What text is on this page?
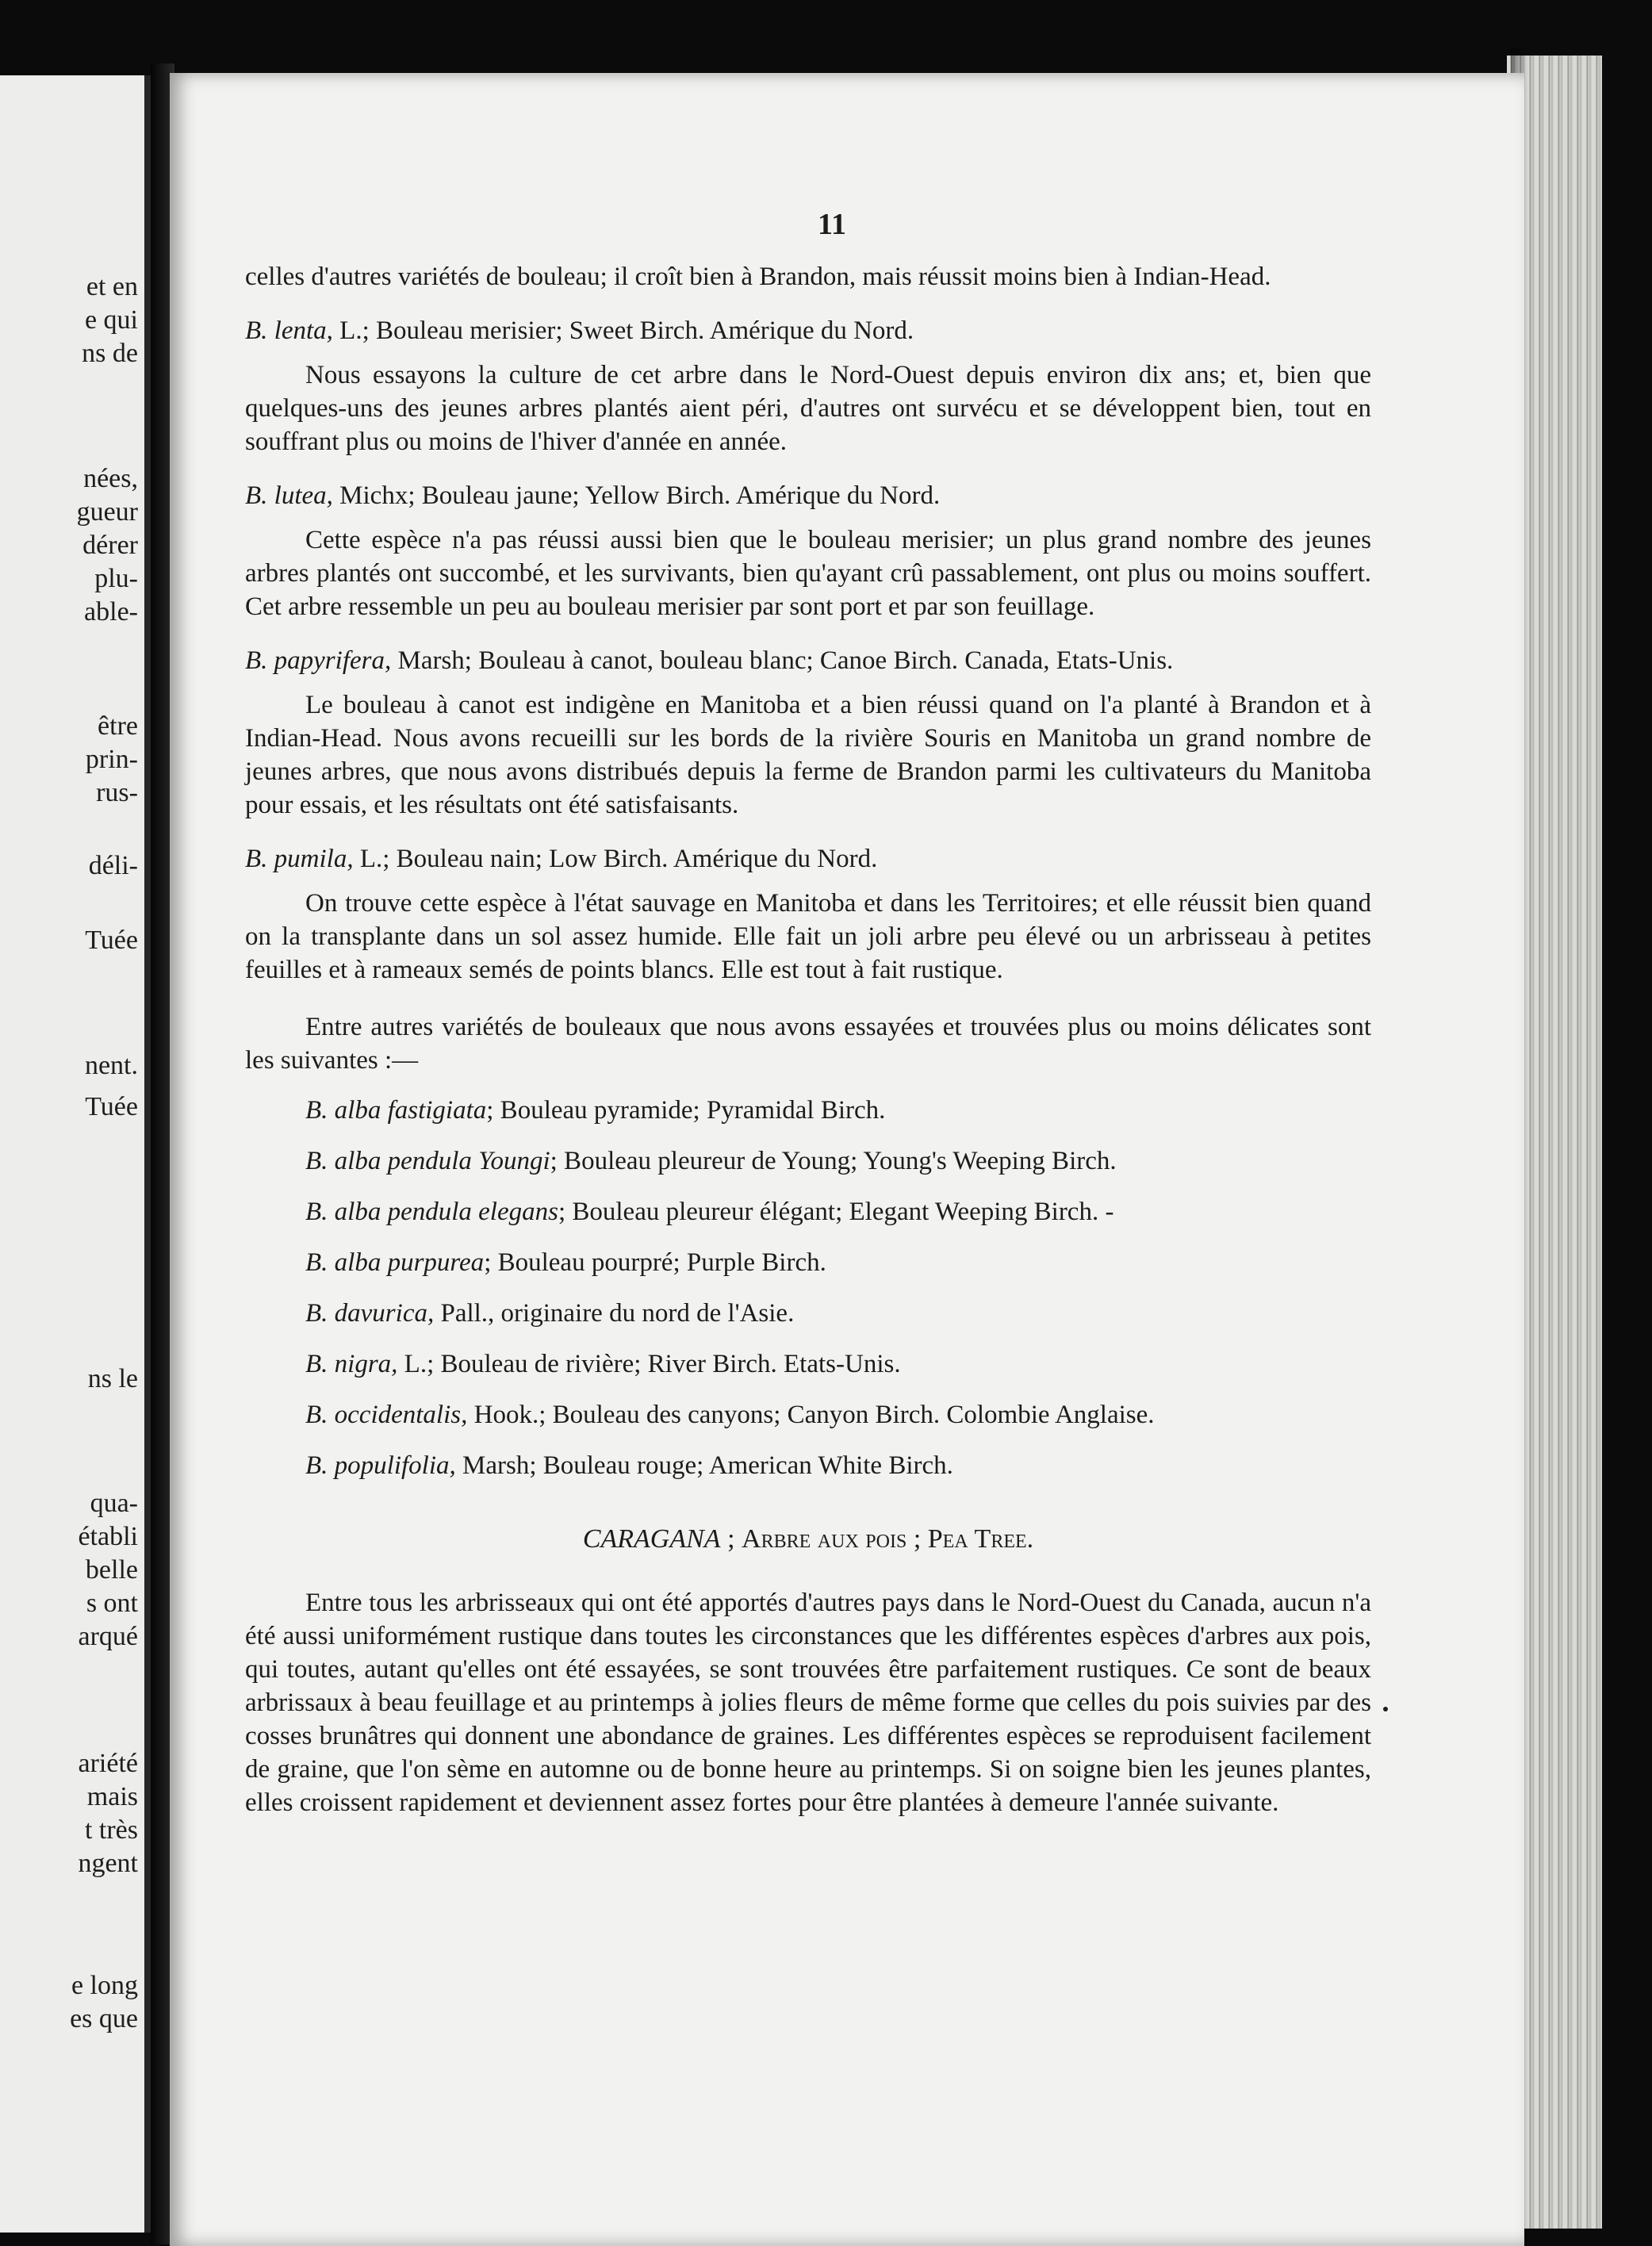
et en
e qui
ns de
nées,
gueur
dérer
plu-
able-
être
prin-
rus-
déli-
Tuée
nent.
Tuée
ns le
qua-
établi
belle
s ont
arqué
ariété
mais
t très
ngent
e long
es que
11

celles d'autres variétés de bouleau; il croît bien à Brandon, mais réussit moins bien à Indian-Head.

B. lenta, L.; Bouleau merisier; Sweet Birch. Amérique du Nord.

Nous essayons la culture de cet arbre dans le Nord-Ouest depuis environ dix ans; et, bien que quelques-uns des jeunes arbres plantés aient péri, d'autres ont survécu et se développent bien, tout en souffrant plus ou moins de l'hiver d'année en année.

B. lutea, Michx; Bouleau jaune; Yellow Birch. Amérique du Nord.

Cette espèce n'a pas réussi aussi bien que le bouleau merisier; un plus grand nombre des jeunes arbres plantés ont succombé, et les survivants, bien qu'ayant crû passablement, ont plus ou moins souffert. Cet arbre ressemble un peu au bouleau merisier par sont port et par son feuillage.

B. papyrifera, Marsh; Bouleau à canot, bouleau blanc; Canoe Birch. Canada, Etats-Unis.

Le bouleau à canot est indigène en Manitoba et a bien réussi quand on l'a planté à Brandon et à Indian-Head. Nous avons recueilli sur les bords de la rivière Souris en Manitoba un grand nombre de jeunes arbres, que nous avons distribués depuis la ferme de Brandon parmi les cultivateurs du Manitoba pour essais, et les résultats ont été satisfaisants.

B. pumila, L.; Bouleau nain; Low Birch. Amérique du Nord.

On trouve cette espèce à l'état sauvage en Manitoba et dans les Territoires; et elle réussit bien quand on la transplante dans un sol assez humide. Elle fait un joli arbre peu élevé ou un arbrisseau à petites feuilles et à rameaux semés de points blancs. Elle est tout à fait rustique.

Entre autres variétés de bouleaux que nous avons essayées et trouvées plus ou moins délicates sont les suivantes :—

B. alba fastigiata; Bouleau pyramide; Pyramidal Birch.

B. alba pendula Youngi; Bouleau pleureur de Young; Young's Weeping Birch.

B. alba pendula elegans; Bouleau pleureur élégant; Elegant Weeping Birch. -

B. alba purpurea; Bouleau pourpré; Purple Birch.

B. davurica, Pall., originaire du nord de l'Asie.

B. nigra, L.; Bouleau de rivière; River Birch. Etats-Unis.

B. occidentalis, Hook.; Bouleau des canyons; Canyon Birch. Colombie Anglaise.

B. populifolia, Marsh; Bouleau rouge; American White Birch.

CARAGANA ; Arbre aux pois ; Pea Tree.

Entre tous les arbrisseaux qui ont été apportés d'autres pays dans le Nord-Ouest du Canada, aucun n'a été aussi uniformément rustique dans toutes les circonstances que les différentes espèces d'arbres aux pois, qui toutes, autant qu'elles ont été essayées, se sont trouvées être parfaitement rustiques. Ce sont de beaux arbrissaux à beau feuillage et au printemps à jolies fleurs de même forme que celles du pois suivies par des cosses brunâtres qui donnent une abondance de graines. Les différentes espèces se reproduisent facilement de graine, que l'on sème en automne ou de bonne heure au printemps. Si on soigne bien les jeunes plantes, elles croissent rapidement et deviennent assez fortes pour être plantées à demeure l'année suivante.
